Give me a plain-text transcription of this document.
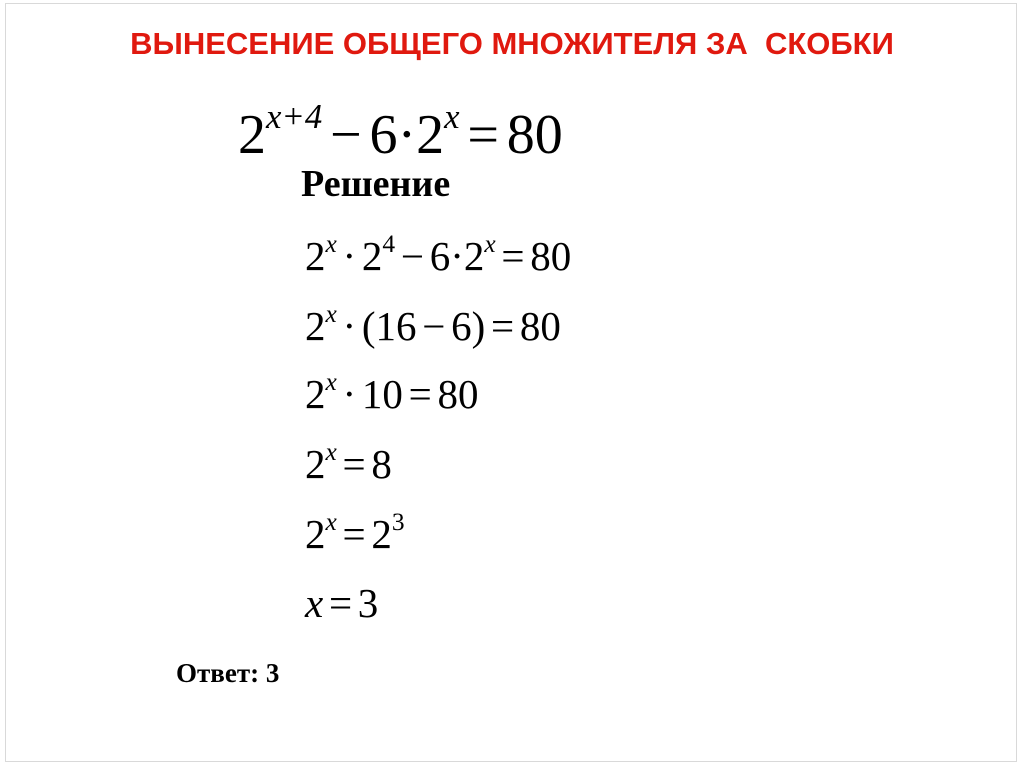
ВЫНЕСЕНИЕ ОБЩЕГО МНОЖИТЕЛЯ ЗА  СКОБКИ
$2^{x+4} - 6\cdot 2^x = 80$
Решение
$2^x \cdot 2^4 - 6\cdot 2^x = 80$
$2^x \cdot (16 - 6) = 80$
$2^x \cdot 10 = 80$
$2^x = 8$
$2^x = 2^3$
x = 3
Ответ: 3
